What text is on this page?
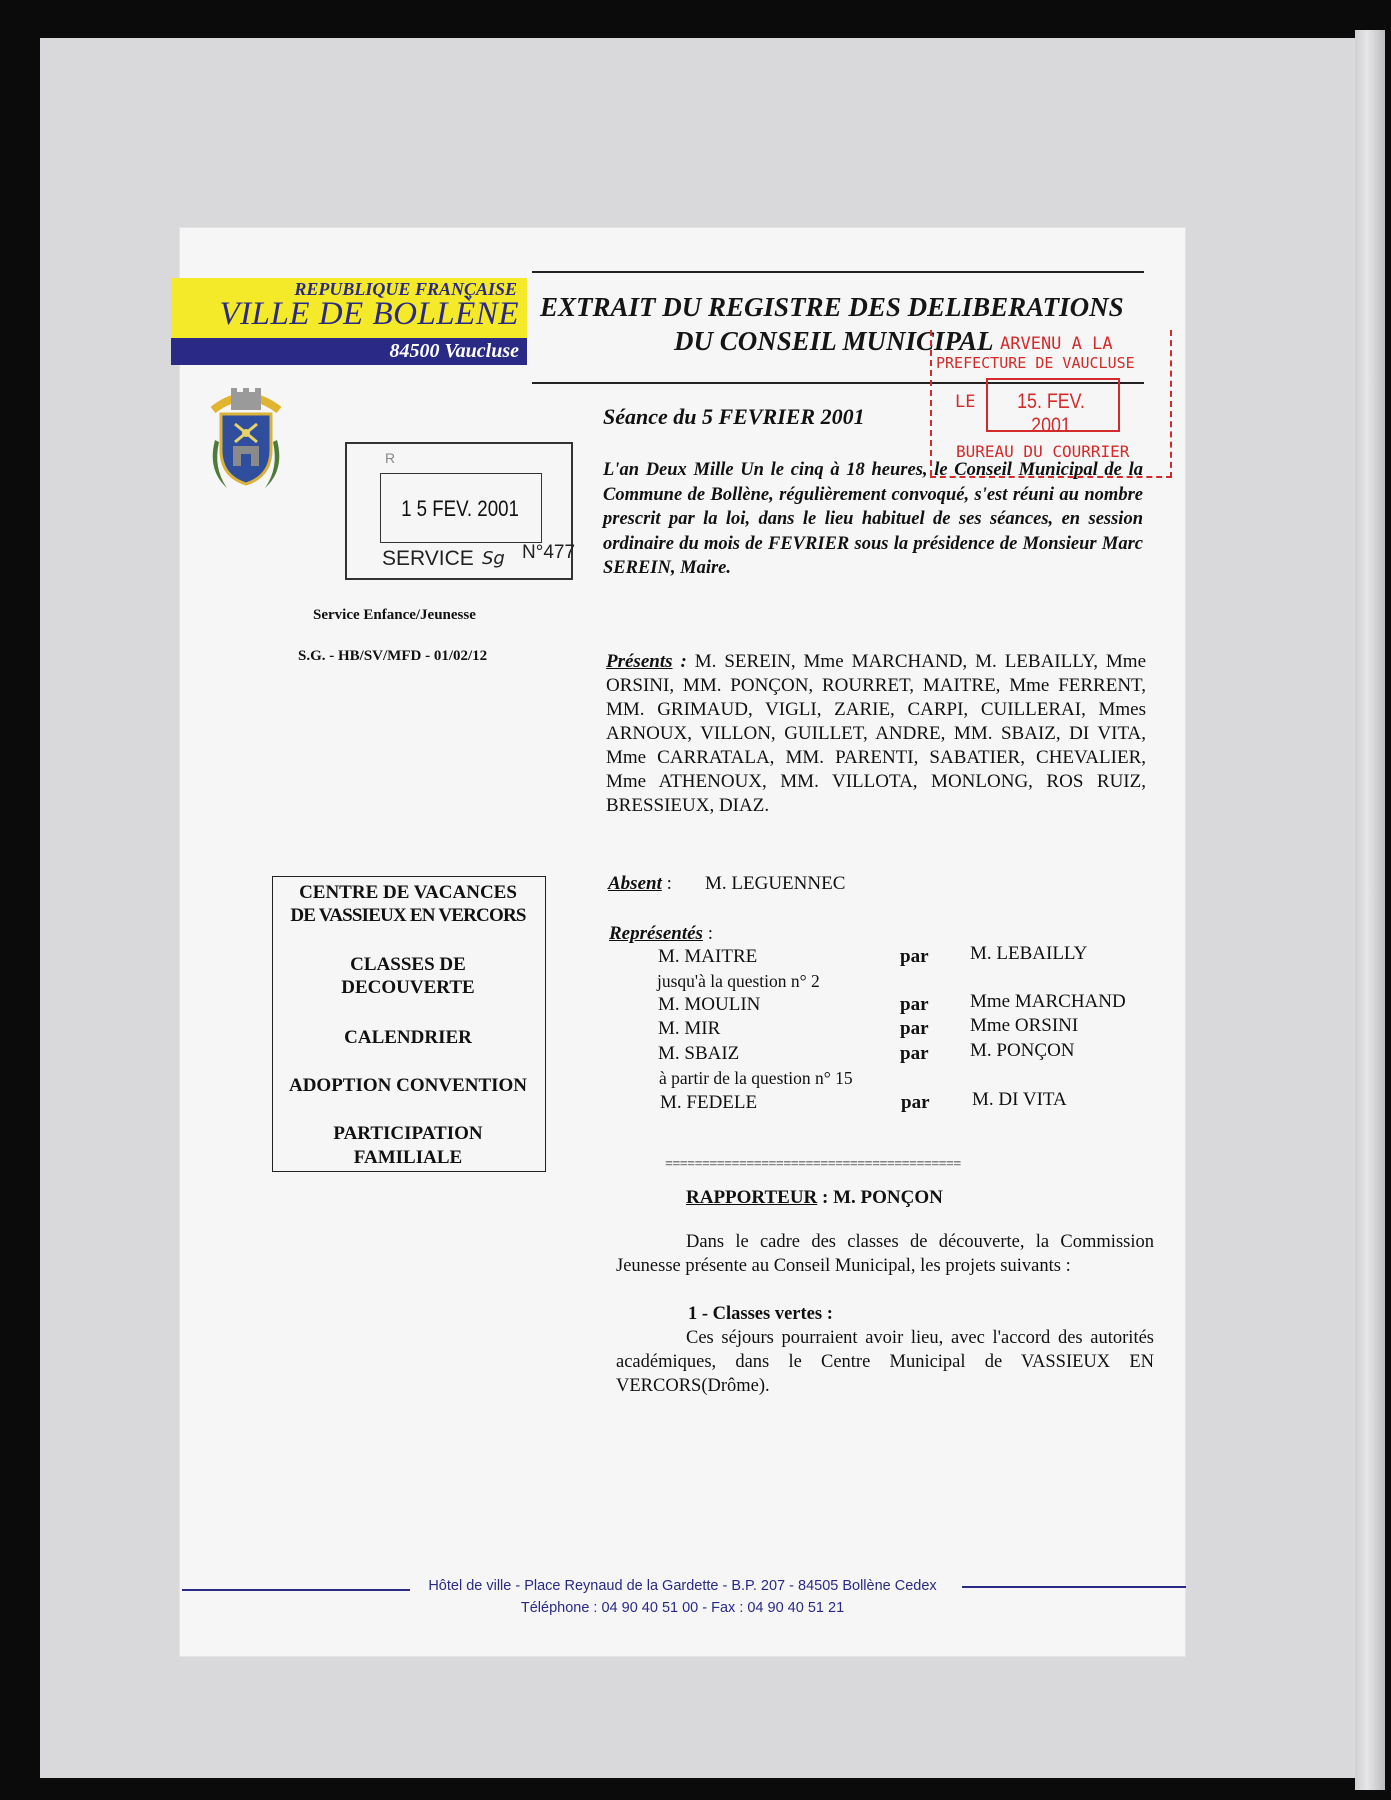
REPUBLIQUE FRANÇAISE
VILLE DE BOLLÈNE
84500 Vaucluse
EXTRAIT DU REGISTRE DES DELIBERATIONS
DU CONSEIL MUNICIPAL
R
1 5 FEV. 2001
SERVICE Sg N°477
Séance du 5 FEVRIER 2001
L'an Deux Mille Un le cinq à 18 heures, le Conseil Municipal de la Commune de Bollène, régulièrement convoqué, s'est réuni au nombre prescrit par la loi, dans le lieu habituel de ses séances, en session ordinaire du mois de FEVRIER sous la présidence de Monsieur Marc SEREIN, Maire.
ARVENU A LA
PREFECTURE DE VAUCLUSE
LE	15. FEV. 2001
BUREAU DU COURRIER
Service Enfance/Jeunesse
S.G. - HB/SV/MFD - 01/02/12
CENTRE DE VACANCES
DE VASSIEUX EN VERCORS
CLASSES DE
DECOUVERTE
CALENDRIER
ADOPTION CONVENTION
PARTICIPATION
FAMILIALE
Présents : M. SEREIN, Mme MARCHAND, M. LEBAILLY, Mme ORSINI, MM. PONÇON, ROURRET, MAITRE, Mme FERRENT, MM. GRIMAUD, VIGLI, ZARIE, CARPI, CUILLERAI, Mmes ARNOUX, VILLON, GUILLET, ANDRE, MM. SBAIZ, DI VITA, Mme CARRATALA, MM. PARENTI, SABATIER, CHEVALIER, Mme ATHENOUX, MM. VILLOTA, MONLONG, ROS RUIZ, BRESSIEUX, DIAZ.
Absent : M. LEGUENNEC
Représentés :
M. MAITRE	par M. LEBAILLY
jusqu'à la question n° 2
M. MOULIN	par Mme MARCHAND
M. MIR	par Mme ORSINI
M. SBAIZ	par M. PONÇON
à partir de la question n° 15
M. FEDELE	par M. DI VITA
========================================
RAPPORTEUR : M. PONÇON
Dans le cadre des classes de découverte, la Commission Jeunesse présente au Conseil Municipal, les projets suivants :
1 - Classes vertes :
Ces séjours pourraient avoir lieu, avec l'accord des autorités académiques, dans le Centre Municipal de VASSIEUX EN VERCORS(Drôme).
Hôtel de ville - Place Reynaud de la Gardette - B.P. 207 - 84505 Bollène Cedex
Téléphone : 04 90 40 51 00 - Fax : 04 90 40 51 21
